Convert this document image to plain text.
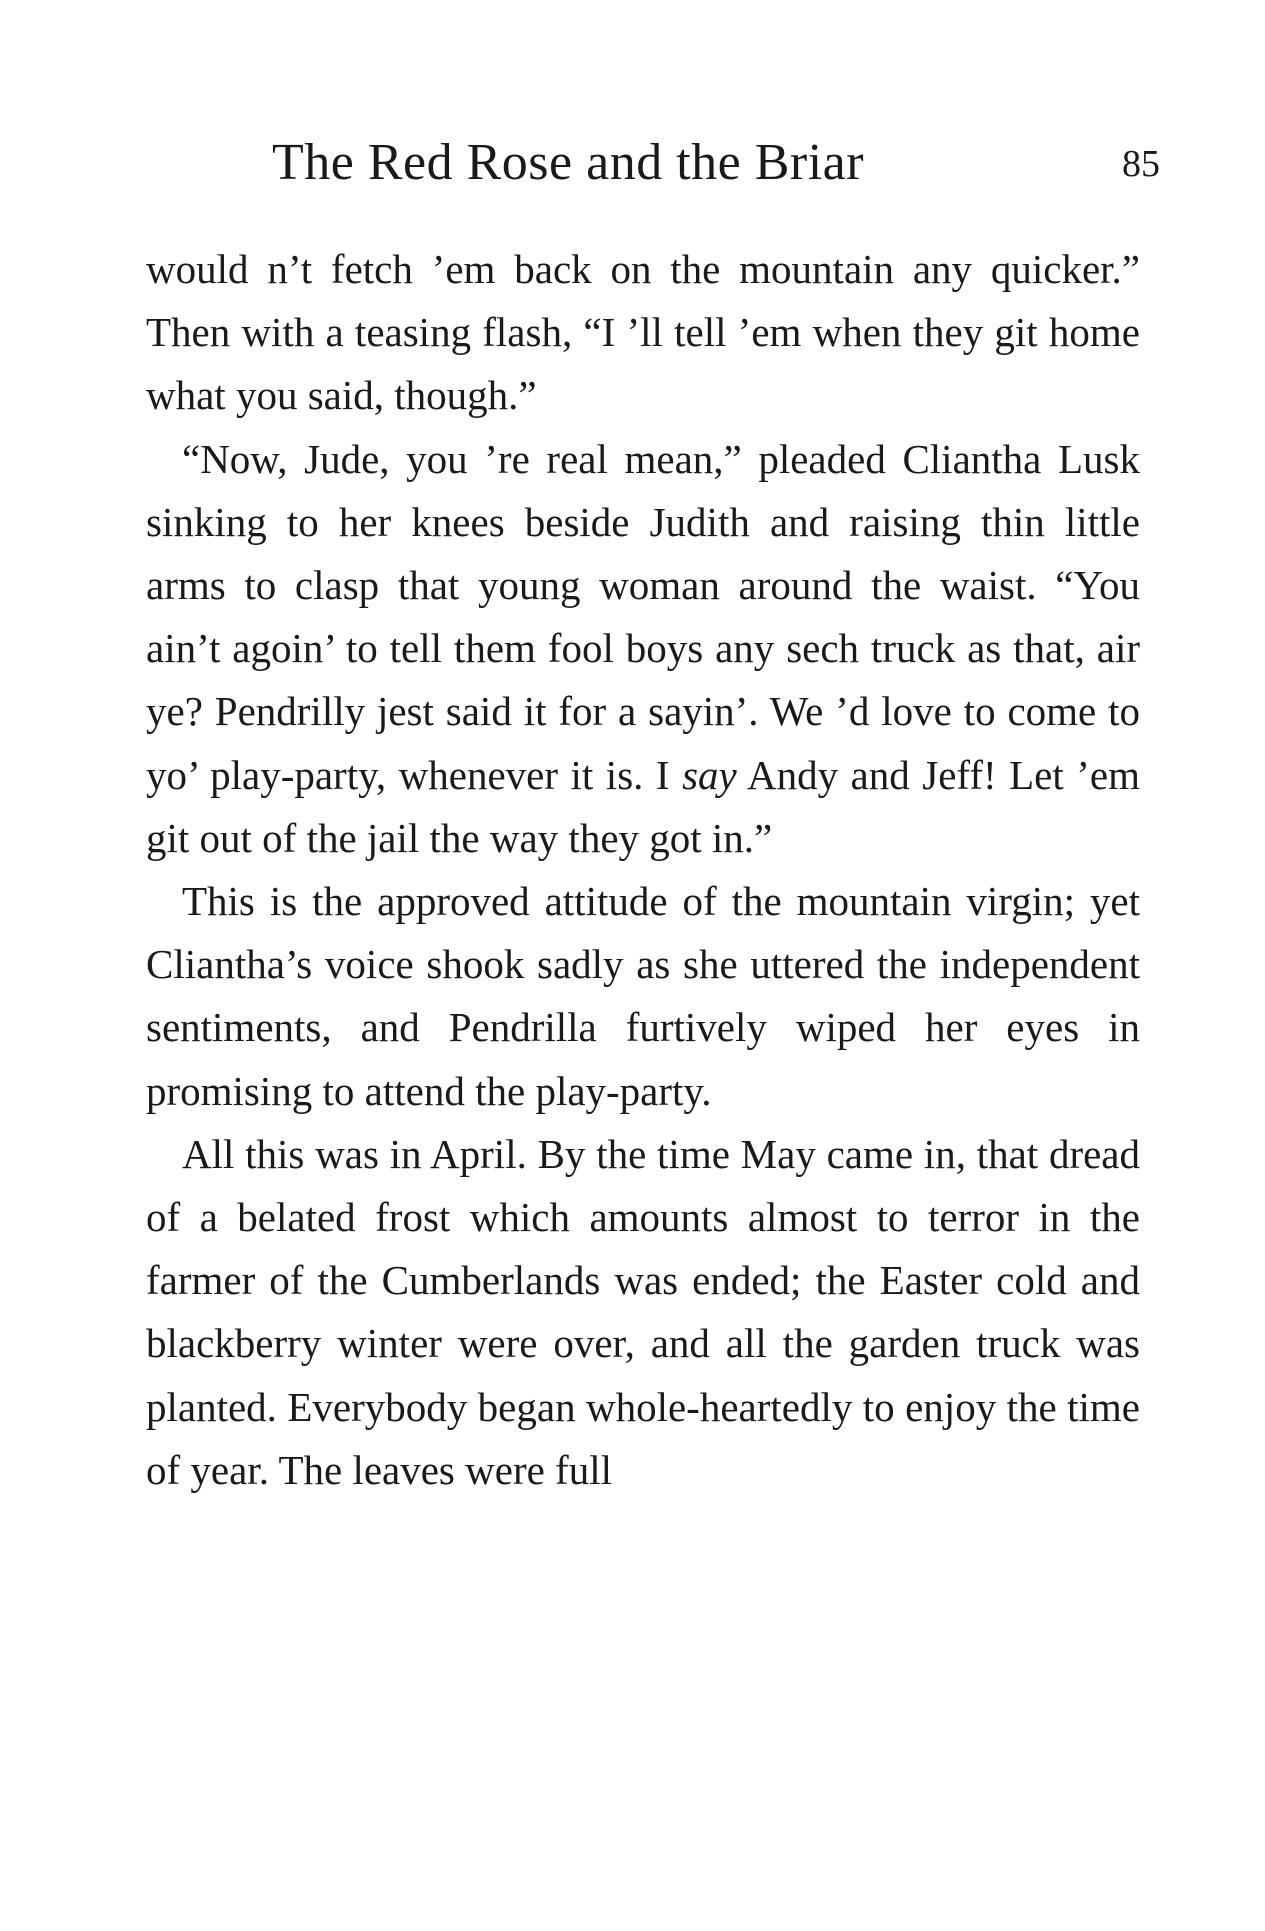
The Red Rose and the Briar	85

would n’t fetch ’em back on the mountain any quicker.” Then with a teasing flash, “I ’ll tell ’em when they git home what you said, though.”

“Now, Jude, you ’re real mean,” pleaded Cliantha Lusk sinking to her knees beside Judith and raising thin little arms to clasp that young woman around the waist. “You ain’t agoin’ to tell them fool boys any sech truck as that, air ye? Pendrilly jest said it for a sayin’. We ’d love to come to yo’ play-party, whenever it is. I say Andy and Jeff! Let ’em git out of the jail the way they got in.”

This is the approved attitude of the mountain virgin; yet Cliantha’s voice shook sadly as she uttered the independent sentiments, and Pendrilla furtively wiped her eyes in promising to attend the play-party.

All this was in April. By the time May came in, that dread of a belated frost which amounts almost to terror in the farmer of the Cumberlands was ended; the Easter cold and blackberry winter were over, and all the garden truck was planted. Everybody began whole-heartedly to enjoy the time of year. The leaves were full
